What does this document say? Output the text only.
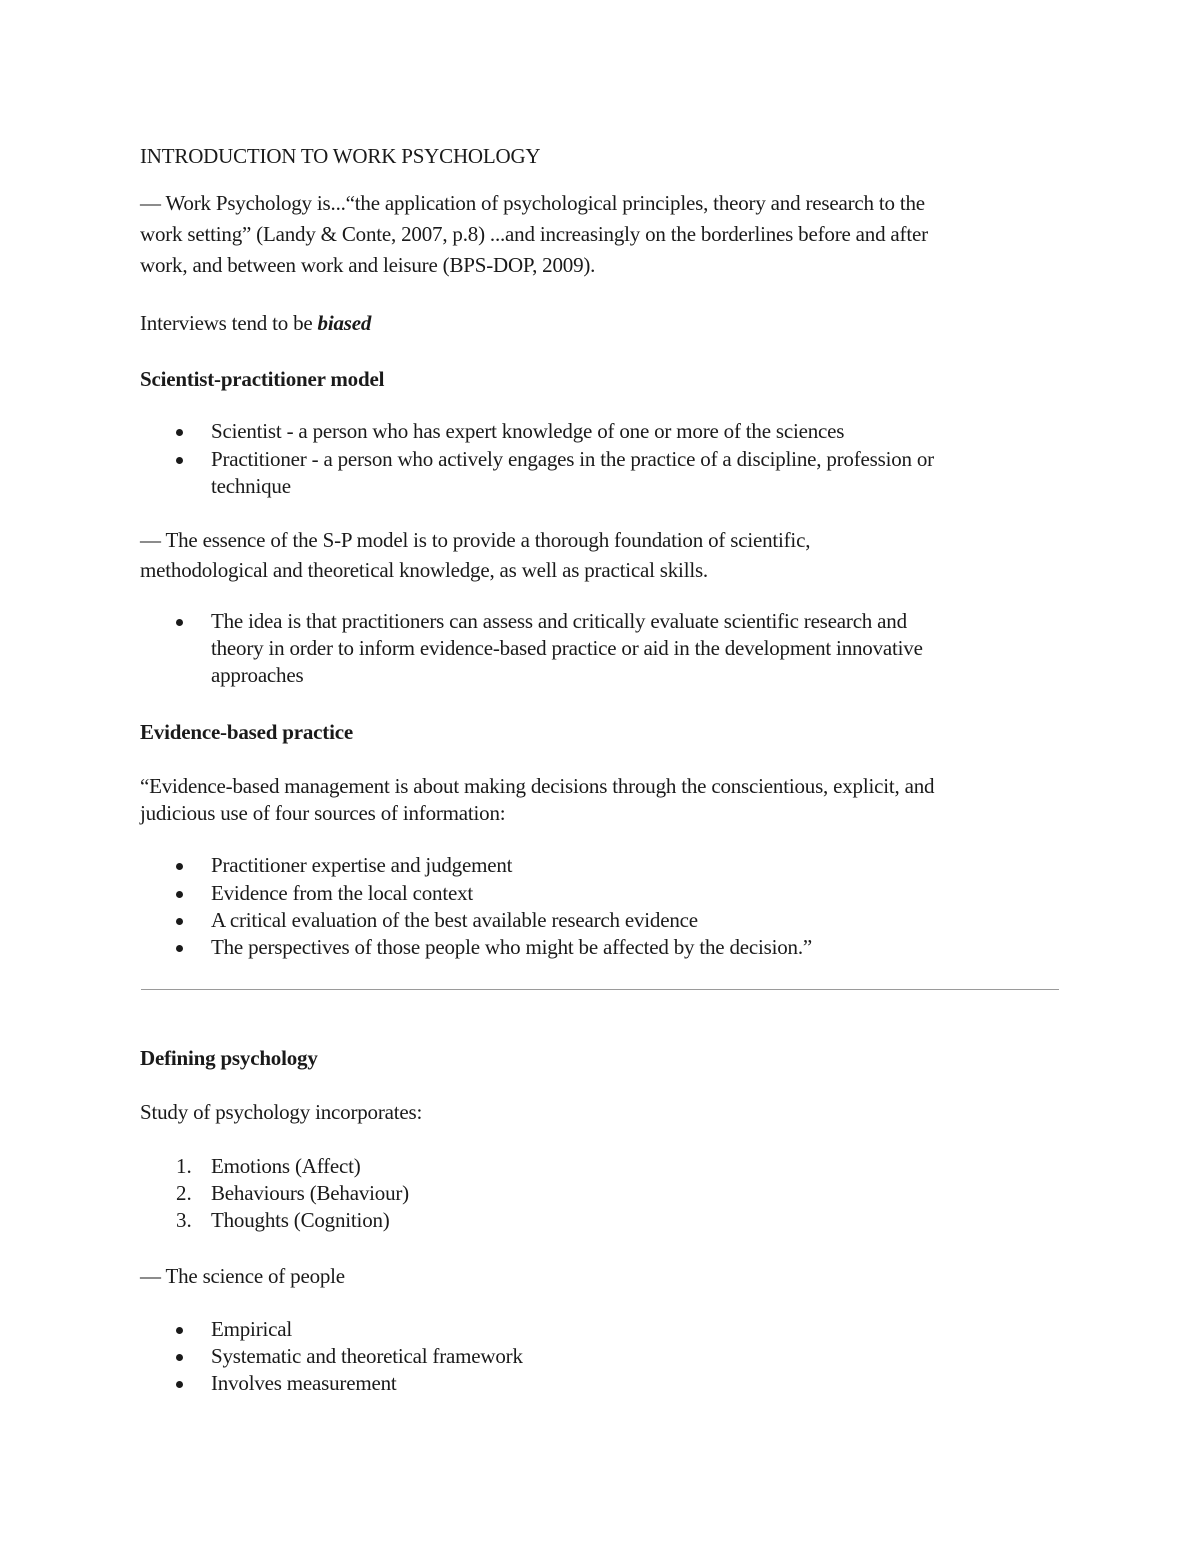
INTRODUCTION TO WORK PSYCHOLOGY
— Work Psychology is...“the application of psychological principles, theory and research to the
work setting” (Landy & Conte, 2007, p.8) ...and increasingly on the borderlines before and after
work, and between work and leisure (BPS-DOP, 2009).
Interviews tend to be biased
Scientist-practitioner model
Scientist - a person who has expert knowledge of one or more of the sciences
Practitioner - a person who actively engages in the practice of a discipline, profession or
technique
— The essence of the S-P model is to provide a thorough foundation of scientific,
methodological and theoretical knowledge, as well as practical skills.
The idea is that practitioners can assess and critically evaluate scientific research and
theory in order to inform evidence-based practice or aid in the development innovative
approaches
Evidence-based practice
“Evidence-based management is about making decisions through the conscientious, explicit, and
judicious use of four sources of information:
Practitioner expertise and judgement
Evidence from the local context
A critical evaluation of the best available research evidence
The perspectives of those people who might be affected by the decision.”
Defining psychology
Study of psychology incorporates:
1. Emotions (Affect)
2. Behaviours (Behaviour)
3. Thoughts (Cognition)
— The science of people
Empirical
Systematic and theoretical framework
Involves measurement
